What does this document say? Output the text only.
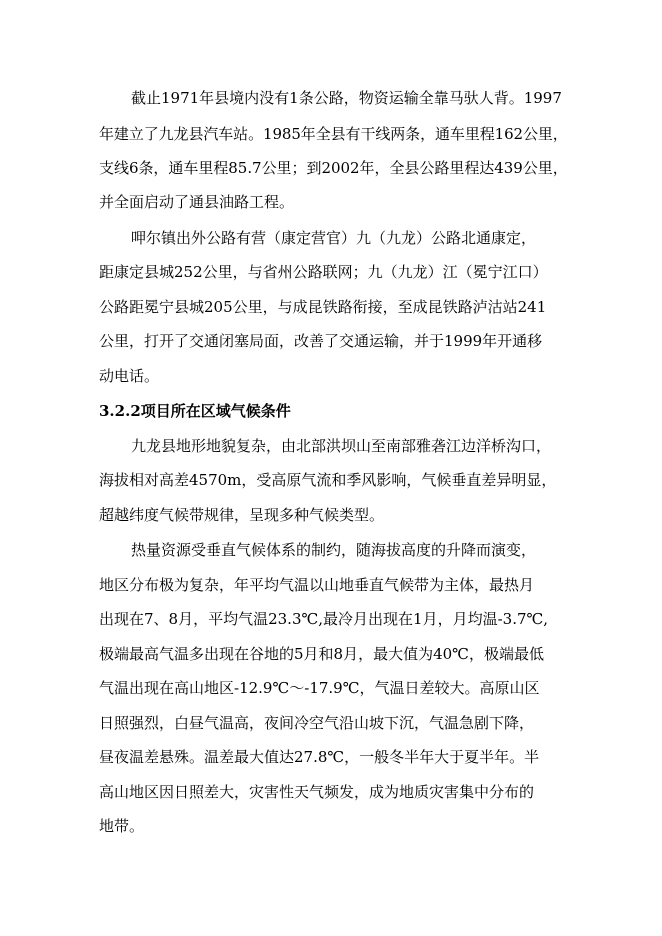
截止1971年县境内没有1条公路，物资运输全靠马驮人背。1997

年建立了九龙县汽车站。1985年全县有干线两条，通车里程162公里，

支线6条，通车里程85.7公里；到2002年，全县公路里程达439公里，

并全面启动了通县油路工程。

呷尔镇出外公路有营（康定营官）九（九龙）公路北通康定，

距康定县城252公里，与省州公路联网；九（九龙）江（冕宁江口）

公路距冕宁县城205公里，与成昆铁路衔接，至成昆铁路泸沽站241

公里，打开了交通闭塞局面，改善了交通运输，并于1999年开通移

动电话。

3.2.2项目所在区域气候条件

九龙县地形地貌复杂，由北部洪坝山至南部雅砻江边洋桥沟口，

海拔相对高差4570m，受高原气流和季风影响，气候垂直差异明显，

超越纬度气候带规律，呈现多种气候类型。

热量资源受垂直气候体系的制约，随海拔高度的升降而演变，

地区分布极为复杂，年平均气温以山地垂直气候带为主体，最热月

出现在7、8月，平均气温23.3℃,最冷月出现在1月，月均温-3.7℃,

极端最高气温多出现在谷地的5月和8月，最大值为40℃，极端最低

气温出现在高山地区-12.9℃～-17.9℃，气温日差较大。高原山区

日照强烈，白昼气温高，夜间冷空气沿山坡下沉，气温急剧下降，

昼夜温差悬殊。温差最大值达27.8℃，一般冬半年大于夏半年。半

高山地区因日照差大，灾害性天气频发，成为地质灾害集中分布的

地带。
